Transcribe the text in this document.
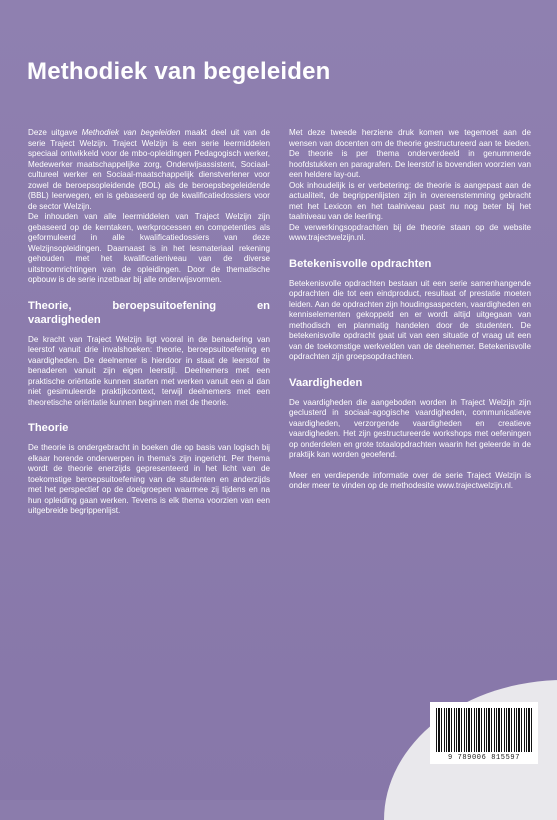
Methodiek van begeleiden

Deze uitgave Methodiek van begeleiden maakt deel uit van de serie Traject Welzijn. Traject Welzijn is een serie leermiddelen speciaal ontwikkeld voor de mbo-opleidingen Pedagogisch werker, Medewerker maatschappelijke zorg, Onderwijsassistent, Sociaal-cultureel werker en Sociaal-maatschappelijk dienstverlener voor zowel de beroepsopleidende (BOL) als de beroepsbegeleidende (BBL) leerwegen, en is gebaseerd op de kwalificatiedossiers voor de sector Welzijn.

De inhouden van alle leermiddelen van Traject Welzijn zijn gebaseerd op de kerntaken, werkprocessen en competenties als geformuleerd in alle kwalificatiedossiers van deze Welzijnsopleidingen. Daarnaast is in het lesmateriaal rekening gehouden met het kwalificatieniveau van de diverse uitstroomrichtingen van de opleidingen. Door de thematische opbouw is de serie inzetbaar bij alle onderwijsvormen.

Theorie, beroepsuitoefening en vaardigheden

De kracht van Traject Welzijn ligt vooral in de benadering van leerstof vanuit drie invalshoeken: theorie, beroepsuitoefening en vaardigheden. De deelnemer is hierdoor in staat de leerstof te benaderen vanuit zijn eigen leerstijl. Deelnemers met een praktische oriëntatie kunnen starten met werken vanuit een al dan niet gesimuleerde praktijkcontext, terwijl deelnemers met een theoretische oriëntatie kunnen beginnen met de theorie.

Theorie

De theorie is ondergebracht in boeken die op basis van logisch bij elkaar horende onderwerpen in thema's zijn ingericht. Per thema wordt de theorie enerzijds gepresenteerd in het licht van de toekomstige beroepsuitoefening van de studenten en anderzijds met het perspectief op de doelgroepen waarmee zij tijdens en na hun opleiding gaan werken. Tevens is elk thema voorzien van een uitgebreide begrippenlijst.

Met deze tweede herziene druk komen we tegemoet aan de wensen van docenten om de theorie gestructureerd aan te bieden. De theorie is per thema onderverdeeld in genummerde hoofdstukken en paragrafen. De leerstof is bovendien voorzien van een heldere lay-out.

Ook inhoudelijk is er verbetering: de theorie is aangepast aan de actualiteit, de begrippenlijsten zijn in overeenstemming gebracht met het Lexicon en het taalniveau past nu nog beter bij het taalniveau van de leerling.

De verwerkingsopdrachten bij de theorie staan op de website www.trajectwelzijn.nl.

Betekenisvolle opdrachten

Betekenisvolle opdrachten bestaan uit een serie samenhangende opdrachten die tot een eindproduct, resultaat of prestatie moeten leiden. Aan de opdrachten zijn houdingsaspecten, vaardigheden en kenniselementen gekoppeld en er wordt altijd uitgegaan van methodisch en planmatig handelen door de studenten. De betekenisvolle opdracht gaat uit van een situatie of vraag uit een van de toekomstige werkvelden van de deelnemer. Betekenisvolle opdrachten zijn groepsopdrachten.

Vaardigheden

De vaardigheden die aangeboden worden in Traject Welzijn zijn geclusterd in sociaal-agogische vaardigheden, communicatieve vaardigheden, verzorgende vaardigheden en creatieve vaardigheden. Het zijn gestructureerde workshops met oefeningen op onderdelen en grote totaalopdrachten waarin het geleerde in de praktijk kan worden geoefend.

Meer en verdiepende informatie over de serie Traject Welzijn is onder meer te vinden op de methodesite www.trajectwelzijn.nl.

9 789006 815597
